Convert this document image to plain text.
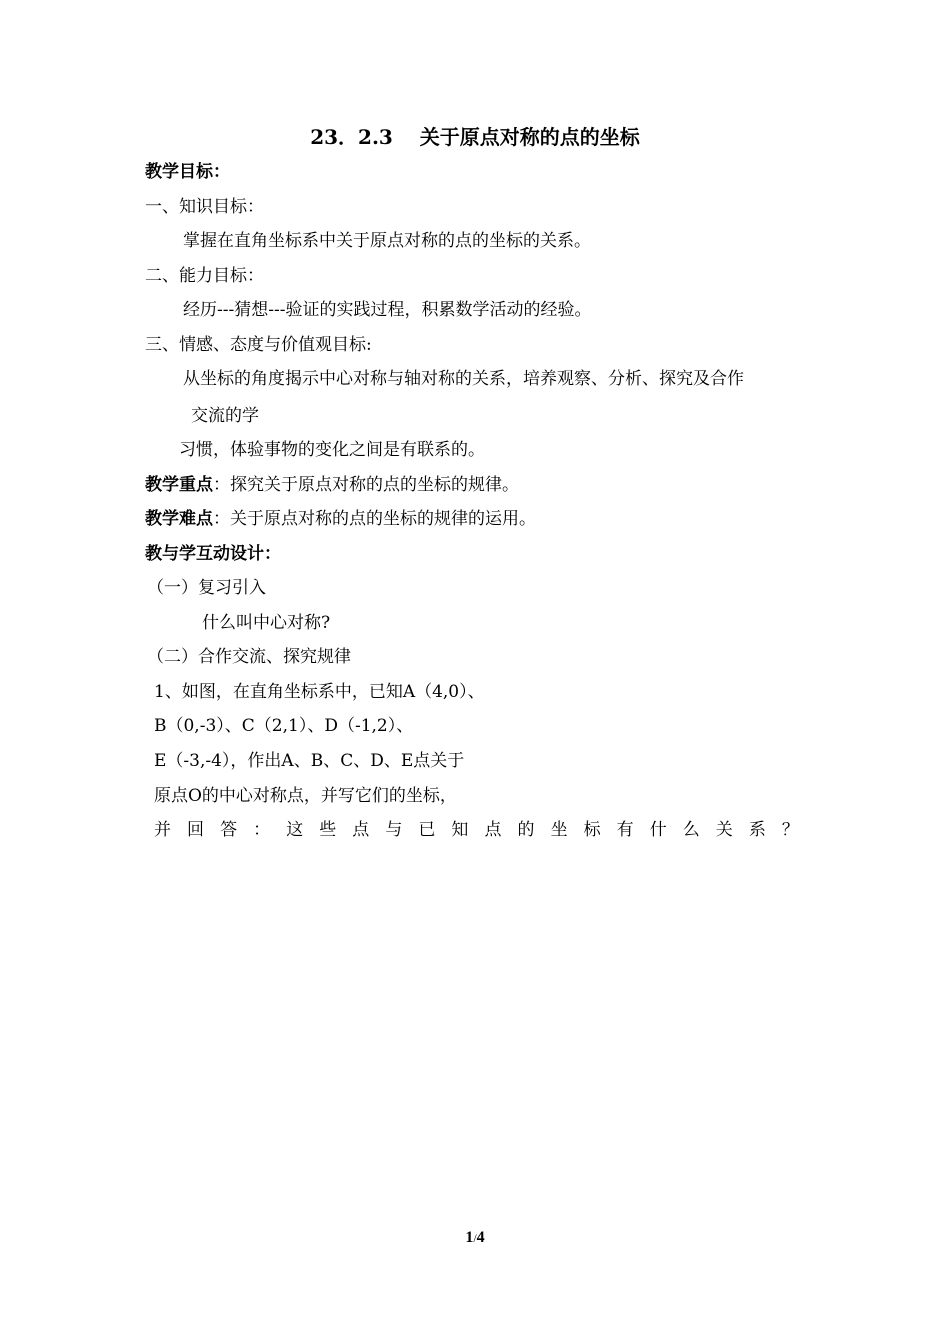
23．2.3　 关于原点对称的点的坐标
教学目标：
一、知识目标：
掌握在直角坐标系中关于原点对称的点的坐标的关系。
二、能力目标：
经历---猜想---验证的实践过程，积累数学活动的经验。
三、情感、态度与价值观目标:
从坐标的角度揭示中心对称与轴对称的关系，培养观察、分析、探究及合作
交流的学
习惯，体验事物的变化之间是有联系的。
教学重点：探究关于原点对称的点的坐标的规律。
教学难点：关于原点对称的点的坐标的规律的运用。
教与学互动设计：
（一）复习引入
什么叫中心对称?
（二）合作交流、探究规律
1、如图，在直角坐标系中，已知A（4,0）、
B（0,-3）、C（2,1）、D（-1,2）、
E（-3,-4），作出A、B、C、D、E点关于
原点O的中心对称点，并写它们的坐标，
并 回 答 ： 这 些 点 与 已 知 点 的 坐 标 有 什 么 关 系 ？
1/4
